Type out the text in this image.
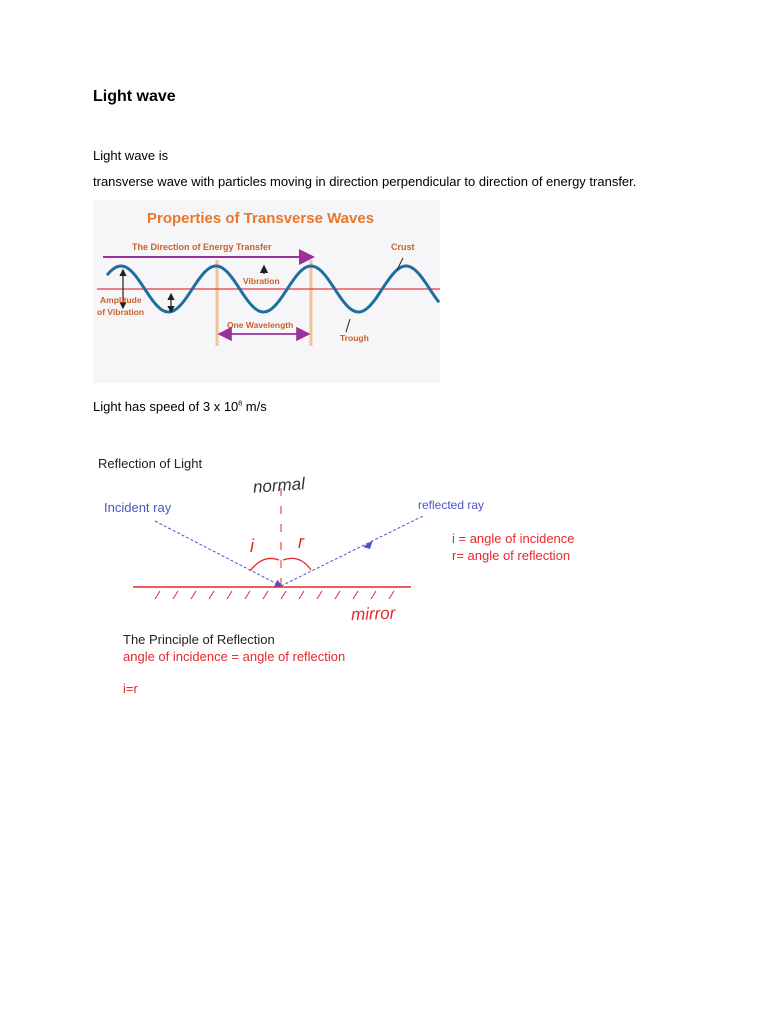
Light wave
Light wave is
transverse wave with particles moving in direction perpendicular to direction of energy transfer.
Properties of Transverse Waves
The Direction of Energy Transfer	Crust
Vibration
Amplitude
of Vibration
One Wavelength
Trough
Light has speed of 3 x $10^8$ m/s
Reflection of Light
normal
Incident ray	reflected ray
i r	i = angle of incidence
r= angle of reflection
mirror
The Principle of Reflection
angle of incidence = angle of reflection
i=r
